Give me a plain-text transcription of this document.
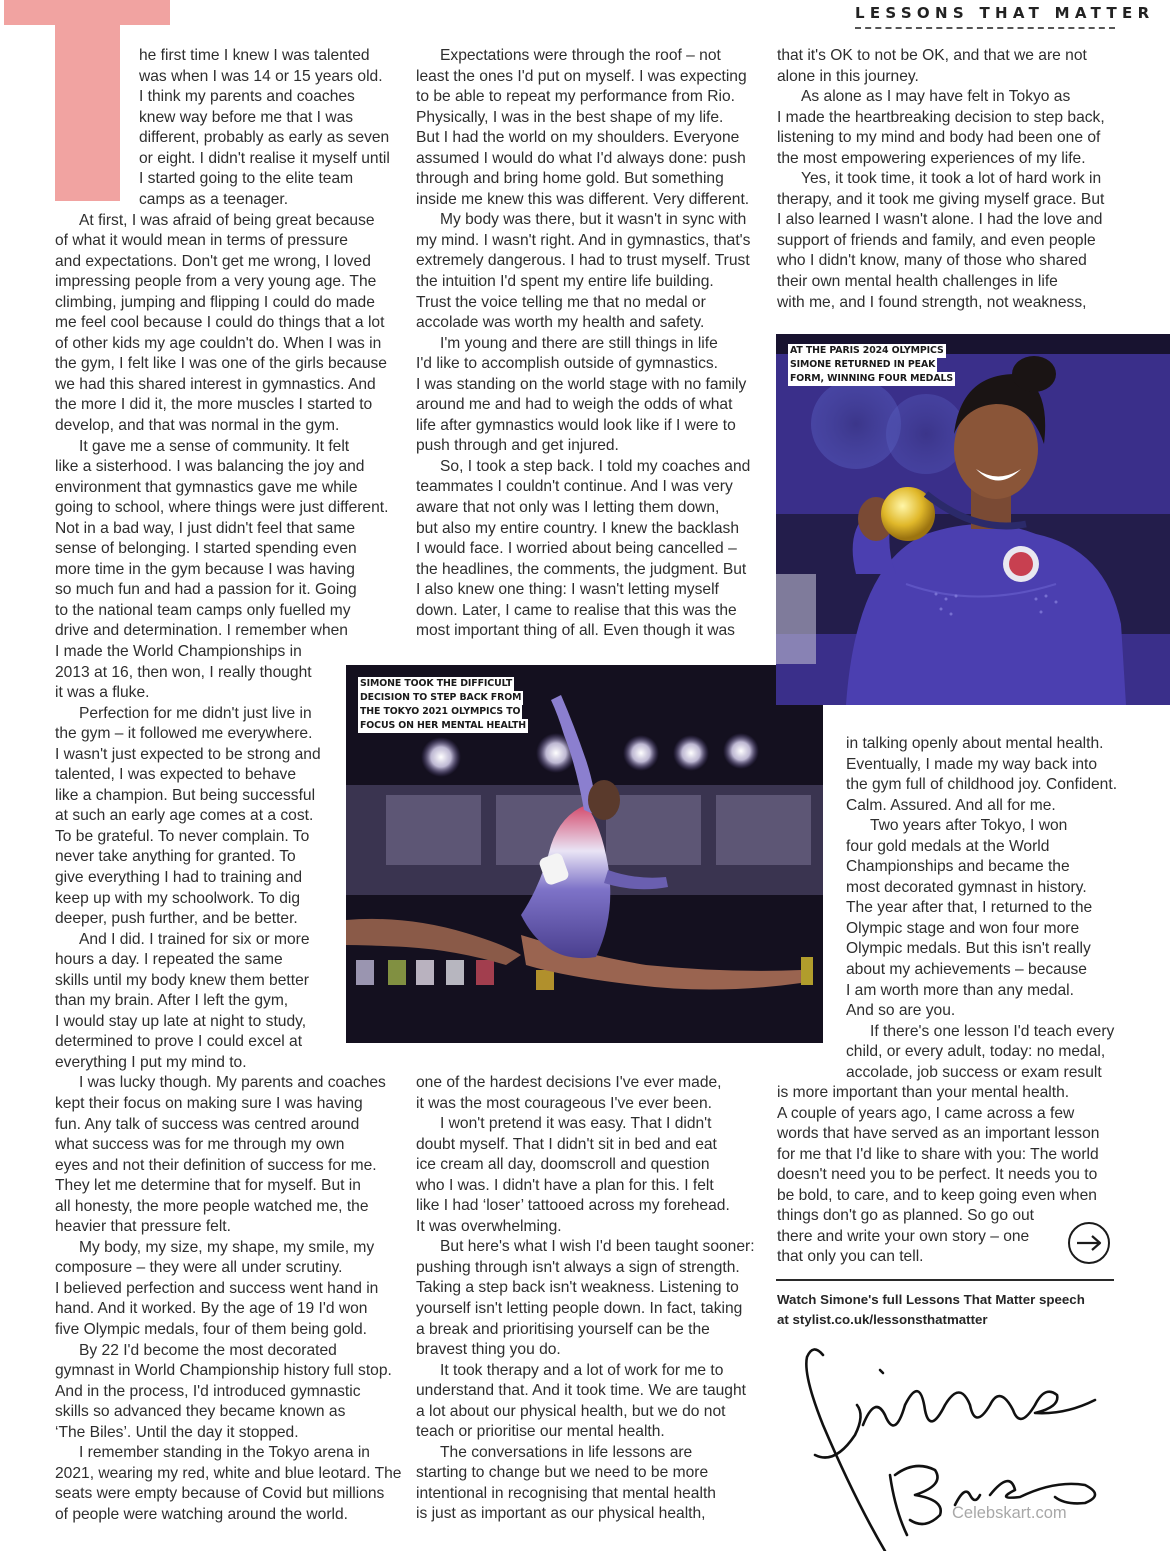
LESSONS THAT MATTER
he first time I knew I was talented
was when I was 14 or 15 years old.
I think my parents and coaches
knew way before me that I was
different, probably as early as seven
or eight. I didn't realise it myself until
I started going to the elite team
camps as a teenager.
At first, I was afraid of being great because
of what it would mean in terms of pressure
and expectations. Don't get me wrong, I loved
impressing people from a very young age. The
climbing, jumping and flipping I could do made
me feel cool because I could do things that a lot
of other kids my age couldn't do. When I was in
the gym, I felt like I was one of the girls because
we had this shared interest in gymnastics. And
the more I did it, the more muscles I started to
develop, and that was normal in the gym.
It gave me a sense of community. It felt
like a sisterhood. I was balancing the joy and
environment that gymnastics gave me while
going to school, where things were just different.
Not in a bad way, I just didn't feel that same
sense of belonging. I started spending even
more time in the gym because I was having
so much fun and had a passion for it. Going
to the national team camps only fuelled my
drive and determination. I remember when
I made the World Championships in
2013 at 16, then won, I really thought
it was a fluke.
Perfection for me didn't just live in
the gym – it followed me everywhere.
I wasn't just expected to be strong and
talented, I was expected to behave
like a champion. But being successful
at such an early age comes at a cost.
To be grateful. To never complain. To
never take anything for granted. To
give everything I had to training and
keep up with my schoolwork. To dig
deeper, push further, and be better.
And I did. I trained for six or more
hours a day. I repeated the same
skills until my body knew them better
than my brain. After I left the gym,
I would stay up late at night to study,
determined to prove I could excel at
everything I put my mind to.
I was lucky though. My parents and coaches
kept their focus on making sure I was having
fun. Any talk of success was centred around
what success was for me through my own
eyes and not their definition of success for me.
They let me determine that for myself. But in
all honesty, the more people watched me, the
heavier that pressure felt.
My body, my size, my shape, my smile, my
composure – they were all under scrutiny.
I believed perfection and success went hand in
hand. And it worked. By the age of 19 I'd won
five Olympic medals, four of them being gold.
By 22 I'd become the most decorated
gymnast in World Championship history full stop.
And in the process, I'd introduced gymnastic
skills so advanced they became known as
‘The Biles’. Until the day it stopped.
I remember standing in the Tokyo arena in
2021, wearing my red, white and blue leotard. The
seats were empty because of Covid but millions
of people were watching around the world.
Expectations were through the roof – not
least the ones I'd put on myself. I was expecting
to be able to repeat my performance from Rio.
Physically, I was in the best shape of my life.
But I had the world on my shoulders. Everyone
assumed I would do what I'd always done: push
through and bring home gold. But something
inside me knew this was different. Very different.
My body was there, but it wasn't in sync with
my mind. I wasn't right. And in gymnastics, that's
extremely dangerous. I had to trust myself. Trust
the intuition I'd spent my entire life building.
Trust the voice telling me that no medal or
accolade was worth my health and safety.
I'm young and there are still things in life
I'd like to accomplish outside of gymnastics.
I was standing on the world stage with no family
around me and had to weigh the odds of what
life after gymnastics would look like if I were to
push through and get injured.
So, I took a step back. I told my coaches and
teammates I couldn't continue. And I was very
aware that not only was I letting them down,
but also my entire country. I knew the backlash
I would face. I worried about being cancelled –
the headlines, the comments, the judgment. But
I also knew one thing: I wasn't letting myself
down. Later, I came to realise that this was the
most important thing of all. Even though it was
one of the hardest decisions I've ever made,
it was the most courageous I've ever been.
I won't pretend it was easy. That I didn't
doubt myself. That I didn't sit in bed and eat
ice cream all day, doomscroll and question
who I was. I didn't have a plan for this. I felt
like I had ‘loser’ tattooed across my forehead.
It was overwhelming.
But here's what I wish I'd been taught sooner:
pushing through isn't always a sign of strength.
Taking a step back isn't weakness. Listening to
yourself isn't letting people down. In fact, taking
a break and prioritising yourself can be the
bravest thing you do.
It took therapy and a lot of work for me to
understand that. And it took time. We are taught
a lot about our physical health, but we do not
teach or prioritise our mental health.
The conversations in life lessons are
starting to change but we need to be more
intentional in recognising that mental health
is just as important as our physical health,
that it's OK to not be OK, and that we are not
alone in this journey.
As alone as I may have felt in Tokyo as
I made the heartbreaking decision to step back,
listening to my mind and body had been one of
the most empowering experiences of my life.
Yes, it took time, it took a lot of hard work in
therapy, and it took me giving myself grace. But
I also learned I wasn't alone. I had the love and
support of friends and family, and even people
who I didn't know, many of those who shared
their own mental health challenges in life
with me, and I found strength, not weakness,
in talking openly about mental health.
Eventually, I made my way back into
the gym full of childhood joy. Confident.
Calm. Assured. And all for me.
Two years after Tokyo, I won
four gold medals at the World
Championships and became the
most decorated gymnast in history.
The year after that, I returned to the
Olympic stage and won four more
Olympic medals. But this isn't really
about my achievements – because
I am worth more than any medal.
And so are you.
If there's one lesson I'd teach every
child, or every adult, today: no medal,
accolade, job success or exam result
is more important than your mental health.
A couple of years ago, I came across a few
words that have served as an important lesson
for me that I'd like to share with you: The world
doesn't need you to be perfect. It needs you to
be bold, to care, and to keep going even when
things don't go as planned. So go out
there and write your own story – one
that only you can tell.
SIMONE TOOK THE DIFFICULT
DECISION TO STEP BACK FROM
THE TOKYO 2021 OLYMPICS TO
FOCUS ON HER MENTAL HEALTH
AT THE PARIS 2024 OLYMPICS
SIMONE RETURNED IN PEAK
FORM, WINNING FOUR MEDALS
Watch Simone's full Lessons That Matter speech
at stylist.co.uk/lessonsthatmatter
Celebskart.com
